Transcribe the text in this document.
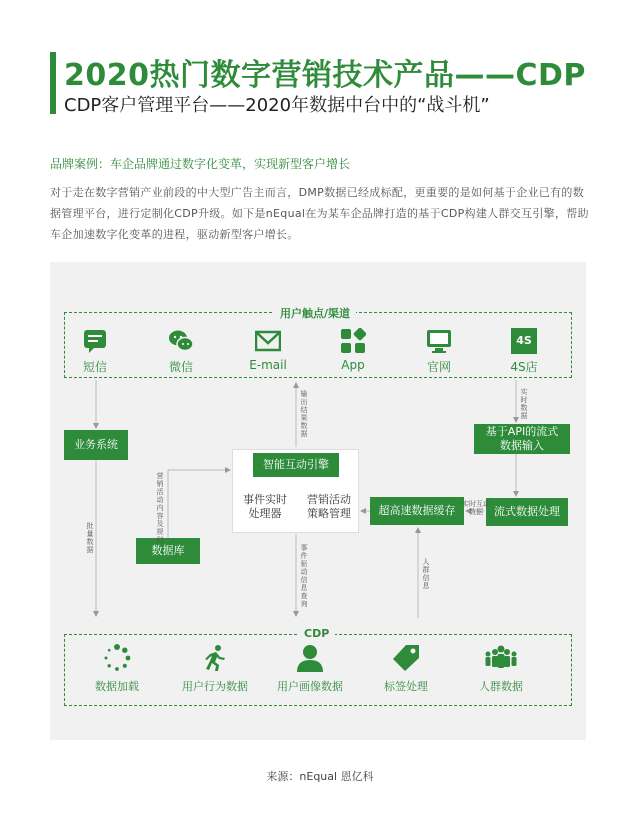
2020热门数字营销技术产品——CDP
CDP客户管理平台——2020年数据中台中的“战斗机”
品牌案例：车企品牌通过数字化变革，实现新型客户增长
对于走在数字营销产业前段的中大型广告主而言，DMP数据已经成标配，更重要的是如何基于企业已有的数据管理平台，进行定制化CDP升级。如下是nEqual在为某车企品牌打造的基于CDP构建人群交互引擎，帮助车企加速数字化变革的进程，驱动新型客户增长。
用户触点/渠道
短信	微信	E-mail	App	官网
4S
4S店
业务系统
数据库
智能互动引擎
事件实时
处理器
营销活动
策略管理	超高速数据缓存
基于API的流式
数据输入
流式数据处理
输出结果数据
实时数据
营销活动内容及规则
批量数据	事件驱动信息查询
人群信息
实时互动数据
CDP
数据加载	用户行为数据	用户画像数据	标签处理	人群数据
来源：nEqual 恩亿科
